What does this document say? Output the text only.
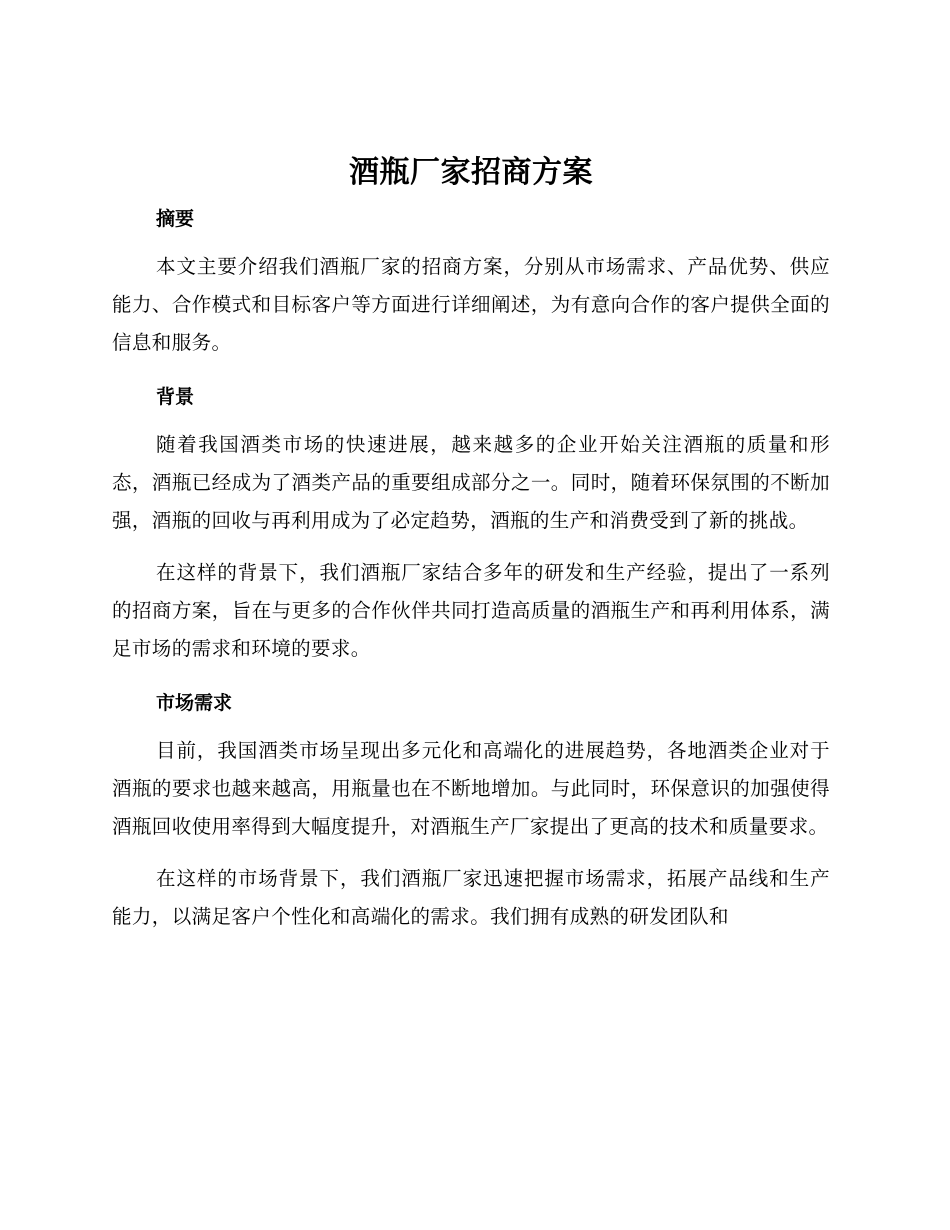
酒瓶厂家招商方案
摘要

本文主要介绍我们酒瓶厂家的招商方案，分别从市场需求、产品优势、供应能力、合作模式和目标客户等方面进行详细阐述，为有意向合作的客户提供全面的信息和服务。

背景

随着我国酒类市场的快速进展，越来越多的企业开始关注酒瓶的质量和形态，酒瓶已经成为了酒类产品的重要组成部分之一。同时，随着环保氛围的不断加强，酒瓶的回收与再利用成为了必定趋势，酒瓶的生产和消费受到了新的挑战。

在这样的背景下，我们酒瓶厂家结合多年的研发和生产经验，提出了一系列的招商方案，旨在与更多的合作伙伴共同打造高质量的酒瓶生产和再利用体系，满足市场的需求和环境的要求。

市场需求

目前，我国酒类市场呈现出多元化和高端化的进展趋势，各地酒类企业对于酒瓶的要求也越来越高，用瓶量也在不断地增加。与此同时，环保意识的加强使得酒瓶回收使用率得到大幅度提升，对酒瓶生产厂家提出了更高的技术和质量要求。

在这样的市场背景下，我们酒瓶厂家迅速把握市场需求，拓展产品线和生产能力，以满足客户个性化和高端化的需求。我们拥有成熟的研发团队和
